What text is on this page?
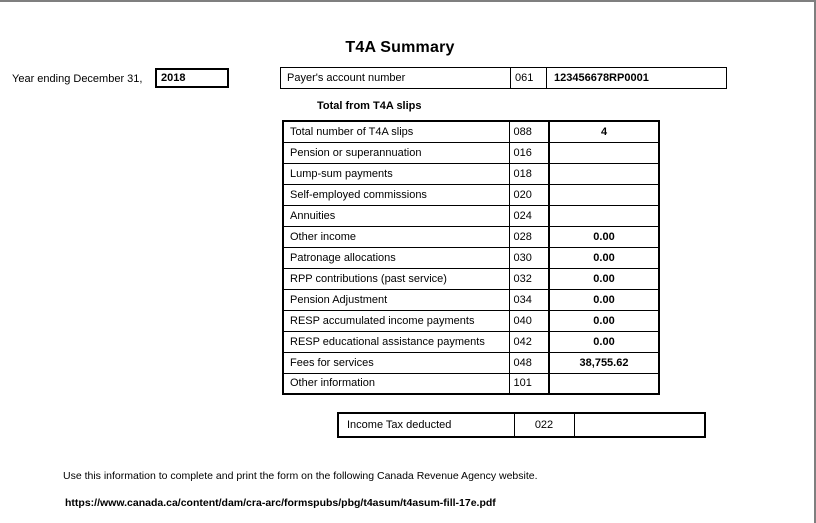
T4A Summary
Year ending December 31,	2018	Payer's account number	061	123456678RP0001
Total from T4A slips
Total number of T4A slips	088	4
Pension or superannuation	016	
Lump-sum payments	018	
Self-employed commissions	020	
Annuities	024	
Other income	028	0.00
Patronage allocations	030	0.00
RPP contributions (past service)	032	0.00
Pension Adjustment	034	0.00
RESP accumulated income payments	040	0.00
RESP educational assistance payments	042	0.00
Fees for services	048	38,755.62
Other information	101	
Income Tax deducted	022	
Use this information to complete and print the form on the following Canada Revenue Agency website.
https://www.canada.ca/content/dam/cra-arc/formspubs/pbg/t4asum/t4asum-fill-17e.pdf
